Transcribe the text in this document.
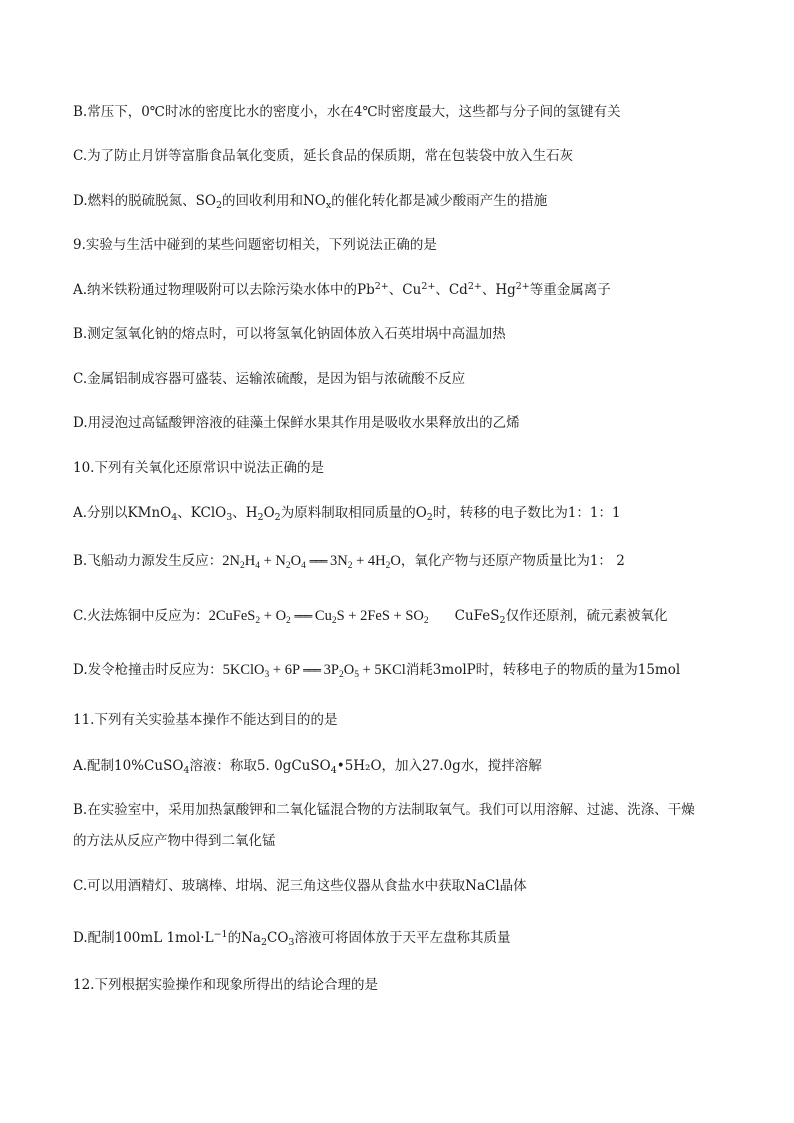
B.常压下，0℃时冰的密度比水的密度小，水在4℃时密度最大，这些都与分子间的氢键有关
C.为了防止月饼等富脂食品氧化变质，延长食品的保质期，常在包装袋中放入生石灰
D.燃料的脱硫脱氮、$SO_2$的回收利用和$NO_x$的催化转化都是减少酸雨产生的措施
9.实验与生活中碰到的某些问题密切相关，下列说法正确的是
A.纳米铁粉通过物理吸附可以去除污染水体中的$Pb^{2+}$、$Cu^{2+}$、$Cd^{2+}$、$Hg^{2+}$等重金属离子
B.测定氢氧化钠的熔点时，可以将氢氧化钠固体放入石英坩埚中高温加热
C.金属铝制成容器可盛装、运输浓硫酸，是因为铝与浓硫酸不反应
D.用浸泡过高锰酸钾溶液的硅藻土保鲜水果其作用是吸收水果释放出的乙烯
10.下列有关氧化还原常识中说法正确的是
A.分别以KMnO$_4$、KClO$_3$、$H_2O_2$为原料制取相同质量的$O_2$时，转移的电子数比为1：1：1
B.飞船动力源发生反应：$2N_2H_4 + N_2O_4$ ═══ $3N_2 + 4H_2O$，氧化产物与还原产物质量比为1： 2
C.火法炼铜中反应为：2CuFeS$_2$ + $O_2$ ═══ $Cu_2S + 2FeS + SO_2$ CuFeS$_2$仅作还原剂，硫元素被氧化
D.发令枪撞击时反应为：5KClO$_3$ + 6P ═══ $3P_2O_5 + 5KCl$消耗3molP时，转移电子的物质的量为15mol
11.下列有关实验基本操作不能达到目的的是
A.配制10%CuSO$_4$溶液：称取5. 0gCuSO$_4$•5H₂O，加入27.0g水，搅拌溶解
B.在实验室中，采用加热氯酸钾和二氧化锰混合物的方法制取氧气。我们可以用溶解、过滤、洗涤、干燥
的方法从反应产物中得到二氧化锰
C.可以用酒精灯、玻璃棒、坩埚、泥三角这些仪器从食盐水中获取NaCl晶体
D.配制100mL $1mol\cdot L^{-1}$的$Na_2CO_3$溶液可将固体放于天平左盘称其质量
12.下列根据实验操作和现象所得出的结论合理的是
